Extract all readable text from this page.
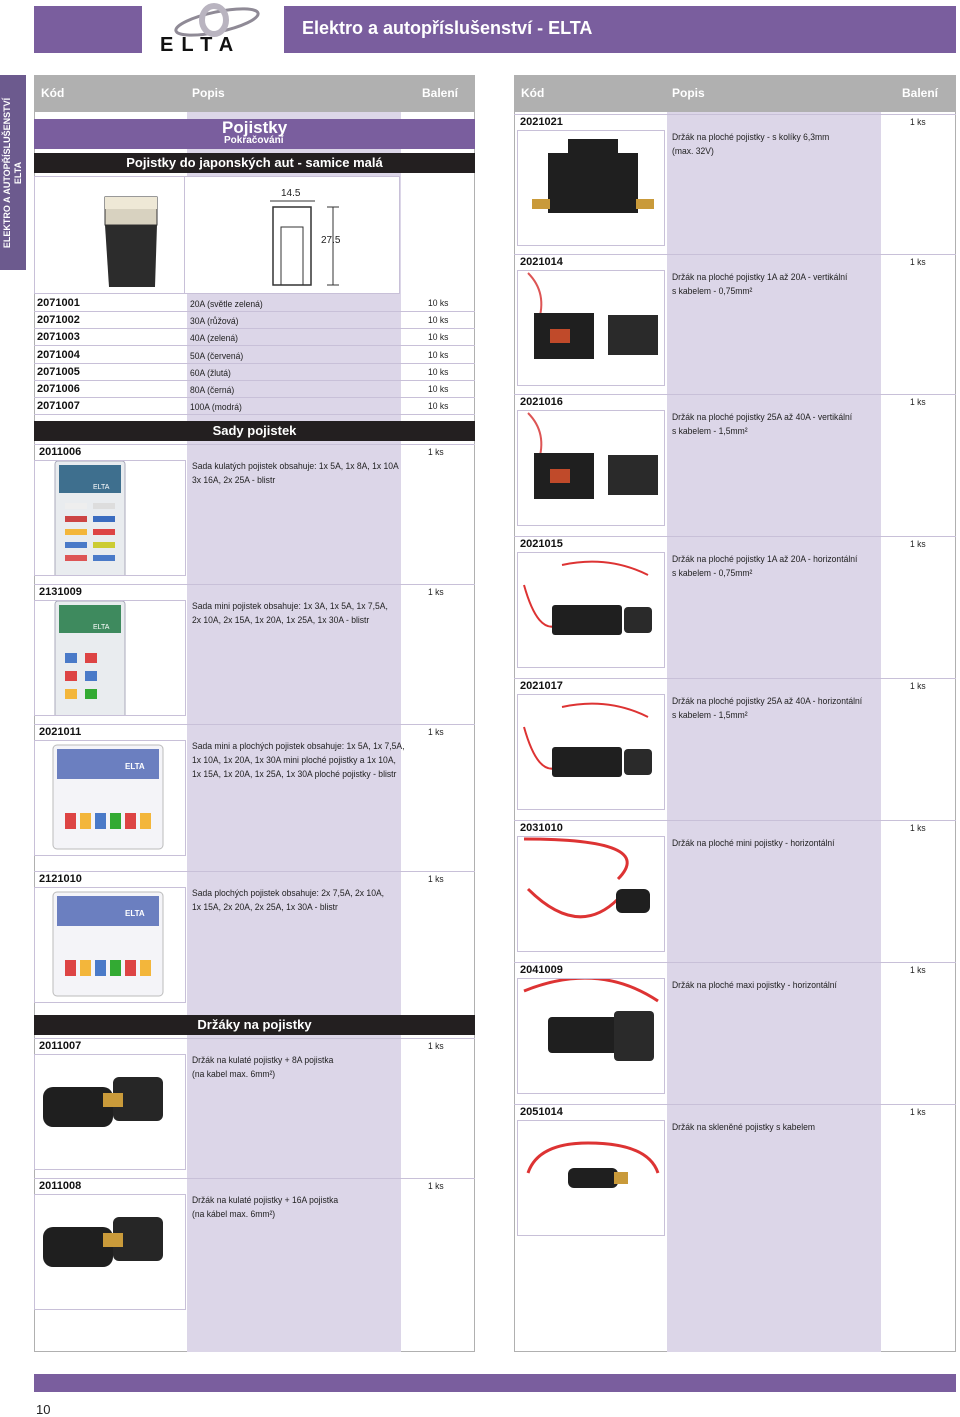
ELTA
Elektro a autopříslušenství - ELTA
ELEKTRO A AUTOPŘÍSLUŠENSTVÍ
ELTA
Kód	Popis	Balení
Pojistky
Pokračování
Pojistky do japonských aut - samice malá
14.5
27.5
2071001	20A (světle zelená)	10 ks
2071002	30A (růžová)	10 ks
2071003	40A (zelená)	10 ks
2071004	50A (červená)	10 ks
2071005	60A (žlutá)	10 ks
2071006	80A (černá)	10 ks
2071007	100A (modrá)	10 ks
Sady pojistek
2011006	1 ks
Sada kulatých pojistek obsahuje: 1x 5A, 1x 8A, 1x 10A
3x 16A, 2x 25A - blistr
ELTA
2131009	1 ks
Sada mini pojistek obsahuje: 1x 3A, 1x 5A, 1x 7,5A,
2x 10A, 2x 15A, 1x 20A, 1x 25A, 1x 30A - blistr
ELTA
2021011	1 ks
Sada mini a plochých pojistek obsahuje: 1x 5A, 1x 7,5A,
1x 10A, 1x 20A, 1x 30A mini ploché pojistky a 1x 10A,
1x 15A, 1x 20A, 1x 25A, 1x 30A ploché pojistky - blistr
ELTA
2121010	1 ks
Sada plochých pojistek obsahuje: 2x 7,5A, 2x 10A,
1x 15A, 2x 20A, 2x 25A, 1x 30A - blistr
ELTA
Držáky na pojistky
2011007	1 ks
Držák na kulaté pojistky + 8A pojistka
(na kabel max. 6mm²)
2011008	1 ks
Držák na kulaté pojistky + 16A pojistka
(na kábel max. 6mm²)
Kód	Popis	Balení
2021021	1 ks
Držák na ploché pojistky - s kolíky 6,3mm
(max. 32V)
2021014	1 ks
Držák na ploché pojistky 1A až 20A - vertikální
s kabelem - 0,75mm²
2021016	1 ks
Držák na ploché pojistky 25A až 40A - vertikální
s kabelem - 1,5mm²
2021015	1 ks
Držák na ploché pojistky 1A až 20A - horizontální
s kabelem - 0,75mm²
2021017	1 ks
Držák na ploché pojistky 25A až 40A - horizontální
s kabelem - 1,5mm²
2031010	1 ks
Držák na ploché mini pojistky - horizontální
2041009	1 ks
Držák na ploché maxi pojistky - horizontální
2051014	1 ks
Držák na skleněné pojistky s kabelem
10
